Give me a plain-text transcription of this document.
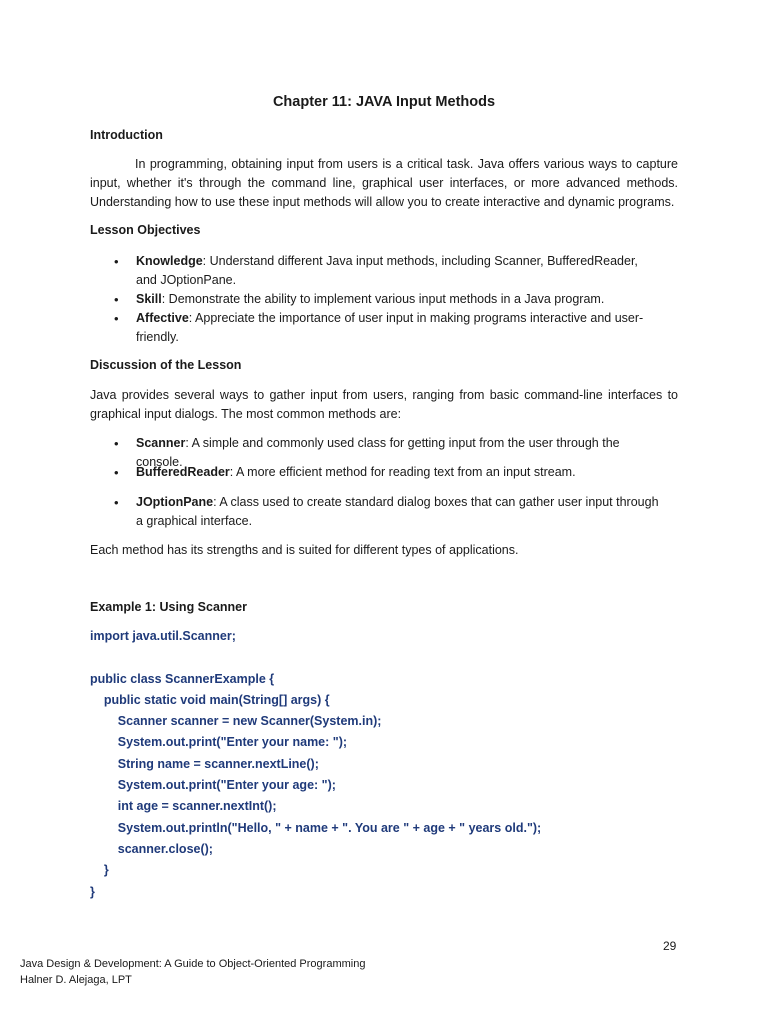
Chapter 11: JAVA Input Methods
Introduction
In programming, obtaining input from users is a critical task. Java offers various ways to capture input, whether it's through the command line, graphical user interfaces, or more advanced methods. Understanding how to use these input methods will allow you to create interactive and dynamic programs.
Lesson Objectives
• Knowledge: Understand different Java input methods, including Scanner, BufferedReader, and JOptionPane.
• Skill: Demonstrate the ability to implement various input methods in a Java program.
• Affective: Appreciate the importance of user input in making programs interactive and user-friendly.
Discussion of the Lesson
Java provides several ways to gather input from users, ranging from basic command-line interfaces to graphical input dialogs. The most common methods are:
• Scanner: A simple and commonly used class for getting input from the user through the console.
• BufferedReader: A more efficient method for reading text from an input stream.
• JOptionPane: A class used to create standard dialog boxes that can gather user input through a graphical interface.
Each method has its strengths and is suited for different types of applications.
Example 1: Using Scanner
import java.util.Scanner;

public class ScannerExample {
public static void main(String[] args) {
Scanner scanner = new Scanner(System.in);
System.out.print("Enter your name: ");
String name = scanner.nextLine();
System.out.print("Enter your age: ");
int age = scanner.nextInt();
System.out.println("Hello, " + name + ". You are " + age + " years old.");
scanner.close();
}
}
29
Java Design & Development: A Guide to Object-Oriented Programming
Halner D. Alejaga, LPT
